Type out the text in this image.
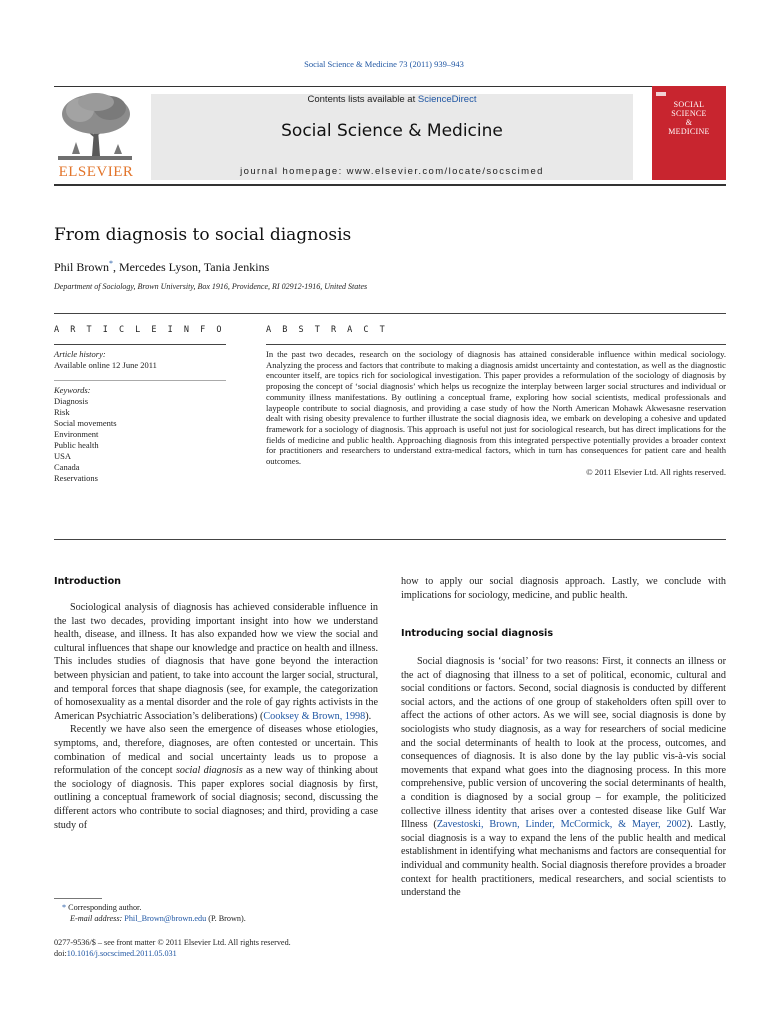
Social Science & Medicine 73 (2011) 939–943
ELSEVIER
Contents lists available at ScienceDirect
Social Science & Medicine
journal homepage: www.elsevier.com/locate/socscimed
SOCIAL
SCIENCE
&
MEDICINE
From diagnosis to social diagnosis
Phil Brown*, Mercedes Lyson, Tania Jenkins
Department of Sociology, Brown University, Box 1916, Providence, RI 02912-1916, United States
A R T I C L E I N F O
Article history:
Available online 12 June 2011
Keywords:
Diagnosis
Risk
Social movements
Environment
Public health
USA
Canada
Reservations
A B S T R A C T
In the past two decades, research on the sociology of diagnosis has attained considerable influence within medical sociology. Analyzing the process and factors that contribute to making a diagnosis amidst uncertainty and contestation, as well as the diagnostic encounter itself, are topics rich for sociological investigation. This paper provides a reformulation of the sociology of diagnosis by proposing the concept of ‘social diagnosis’ which helps us recognize the interplay between larger social structures and individual or community illness manifestations. By outlining a conceptual frame, exploring how social scientists, medical professionals and laypeople contribute to social diagnosis, and providing a case study of how the North American Mohawk Akwesasne reservation dealt with rising obesity prevalence to further illustrate the social diagnosis idea, we embark on developing a cohesive and updated framework for a sociology of diagnosis. This approach is useful not just for sociological research, but has direct implications for the fields of medicine and public health. Approaching diagnosis from this integrated perspective potentially provides a broader context for practitioners and researchers to understand extra-medical factors, which in turn has consequences for patient care and health outcomes.
© 2011 Elsevier Ltd. All rights reserved.
Introduction

Sociological analysis of diagnosis has achieved considerable influence in the last two decades, providing important insight into how we understand health, disease, and illness. It has also expanded how we view the social and cultural influences that shape our knowledge and practice on health and illness. This includes studies of diagnosis that have gone beyond the interaction between physician and patient, to take into account the larger social, structural, and temporal forces that shape diagnosis (see, for example, the categorization of homosexuality as a mental disorder and the role of gay rights activists in the American Psychiatric Association’s deliberations) (Cooksey & Brown, 1998).

Recently we have also seen the emergence of diseases whose etiologies, symptoms, and, therefore, diagnoses, are often contested or uncertain. This combination of medical and social uncertainty leads us to propose a reformulation of the concept social diagnosis as a new way of thinking about the sociology of diagnosis. This paper explores social diagnosis by first, outlining a conceptual framework of social diagnosis; second, discussing the different actors who contribute to social diagnoses; and third, providing a case study of

* Corresponding author.
E-mail address: Phil_Brown@brown.edu (P. Brown).
0277-9536/$ – see front matter © 2011 Elsevier Ltd. All rights reserved.
doi:10.1016/j.socscimed.2011.05.031
how to apply our social diagnosis approach. Lastly, we conclude with implications for sociology, medicine, and public health.
Introducing social diagnosis

Social diagnosis is ‘social’ for two reasons: First, it connects an illness or the act of diagnosing that illness to a set of political, economic, cultural and social conditions or factors. Second, social diagnosis is conducted by different social actors, and the actions of one group of stakeholders often spill over to affect the actions of other actors. As we will see, social diagnosis is done by sociologists who study diagnosis, as a way for researchers of social medicine and the social determinants of health to look at the process, outcomes, and consequences of diagnosis. It is also done by the lay public vis-à-vis social movements that expand what goes into the diagnosing process. In this more comprehensive, public version of uncovering the social determinants of health, a condition is diagnosed by a social group – for example, the politicized collective illness identity that arises over a contested disease like Gulf War Illness (Zavestoski, Brown, Linder, McCormick, & Mayer, 2002). Lastly, social diagnosis is a way to expand the lens of the public health and medical establishment in identifying what mechanisms and factors are consequential for individual and community health. Social diagnosis therefore provides a broader context for health practitioners, medical researchers, and social scientists to understand the
